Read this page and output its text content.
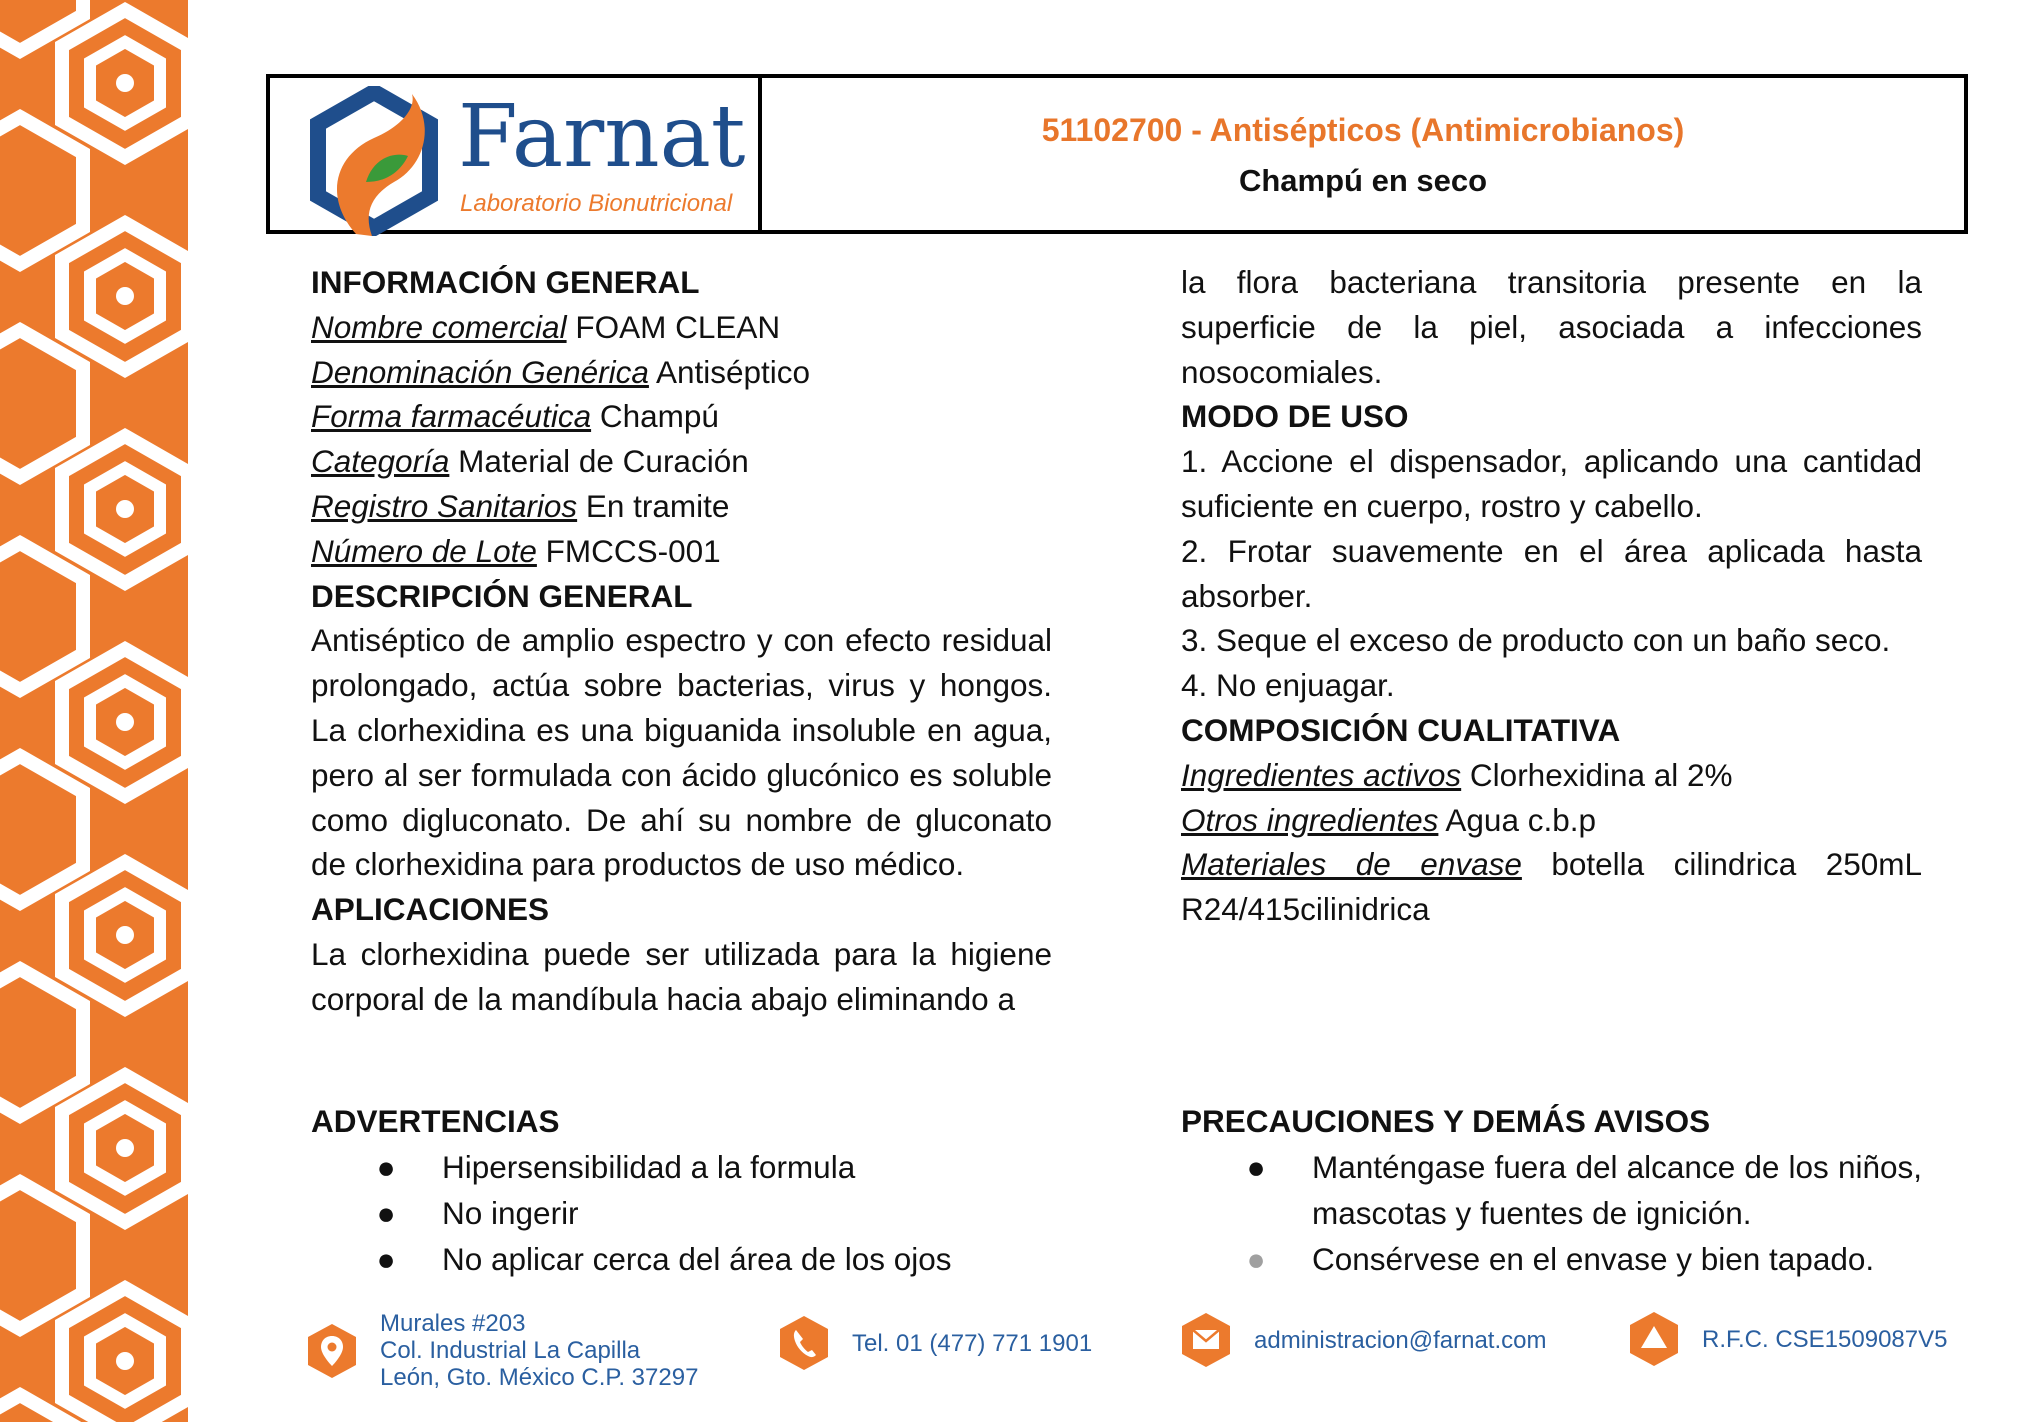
Farnat
Laboratorio Bionutricional
51102700 - Antisépticos (Antimicrobianos)
Champú en seco
INFORMACIÓN GENERAL
Nombre comercial FOAM CLEAN
Denominación Genérica Antiséptico
Forma farmacéutica Champú
Categoría Material de Curación
Registro Sanitarios En tramite
Número de Lote FMCCS-001
DESCRIPCIÓN GENERAL
Antiséptico de amplio espectro y con efecto residual prolongado, actúa sobre bacterias, virus y hongos. La clorhexidina es una biguanida insoluble en agua, pero al ser formulada con ácido glucónico es soluble como digluconato. De ahí su nombre de gluconato de clorhexidina para productos de uso médico.
APLICACIONES
La clorhexidina puede ser utilizada para la higiene corporal de la mandíbula hacia abajo eliminando a
la flora bacteriana transitoria presente en la superficie de la piel, asociada a infecciones nosocomiales.
MODO DE USO
1. Accione el dispensador, aplicando una cantidad suficiente en cuerpo, rostro y cabello.
2. Frotar suavemente en el área aplicada hasta absorber.
3. Seque el exceso de producto con un baño seco.
4. No enjuagar.
COMPOSICIÓN CUALITATIVA
Ingredientes activos Clorhexidina al 2%
Otros ingredientes Agua c.b.p
Materiales de envase botella cilindrica 250mL R24/415cilinidrica
ADVERTENCIAS
● Hipersensibilidad a la formula
● No ingerir
● No aplicar cerca del área de los ojos
PRECAUCIONES Y DEMÁS AVISOS
● Manténgase fuera del alcance de los niños, mascotas y fuentes de ignición.
● Consérvese en el envase y bien tapado.
Murales #203
Col. Industrial La Capilla
León, Gto. México C.P. 37297
Tel. 01 (477) 771 1901	administracion@farnat.com	R.F.C. CSE1509087V5
